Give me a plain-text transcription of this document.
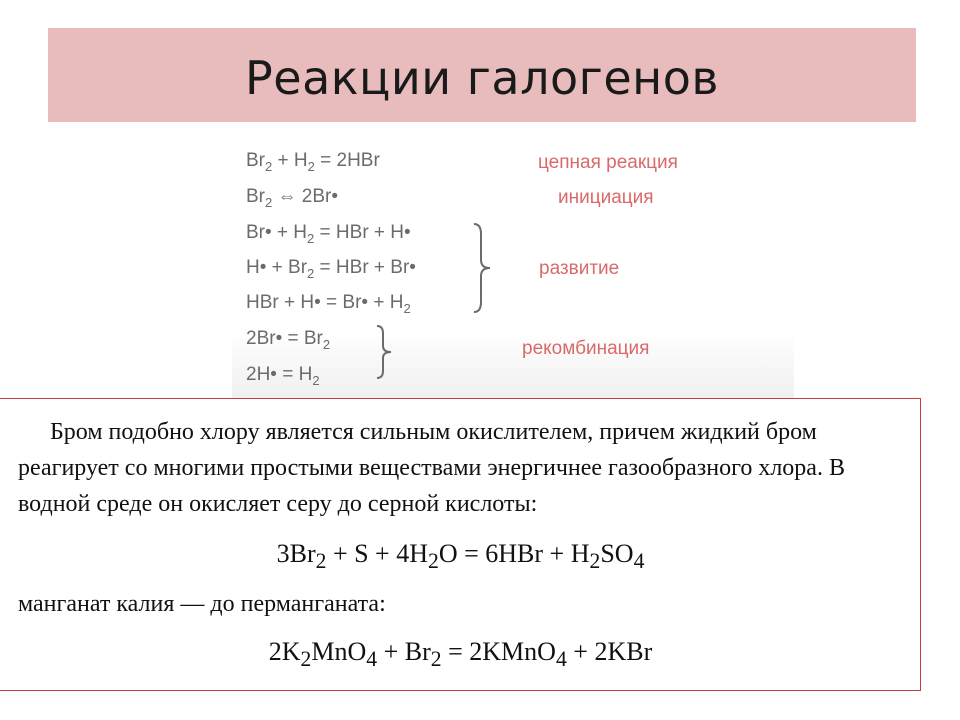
Реакции галогенов
$Br_2 + H_2 = 2HBr$
$Br_2$ ⇔ 2Br•
Br• + $H_2$ = HBr + H•
H• + $Br_2$ = HBr + Br•
HBr + H• = Br• + $H_2$
2Br• = $Br_2$
2H• = $H_2$
цепная реакция
инициация
развитие
рекомбинация
Бром подобно хлору является сильным окислителем, причем жидкий бром
реагирует со многими простыми веществами энергичнее газообразного хлора. В
водной среде он окисляет серу до серной кислоты:
$3Br_2 + S + 4H_2O = 6HBr + H_2SO_4$
манганат калия — до перманганата:
$2K_2MnO_4 + Br_2$ = 2KMnO$_4$ + 2KBr
